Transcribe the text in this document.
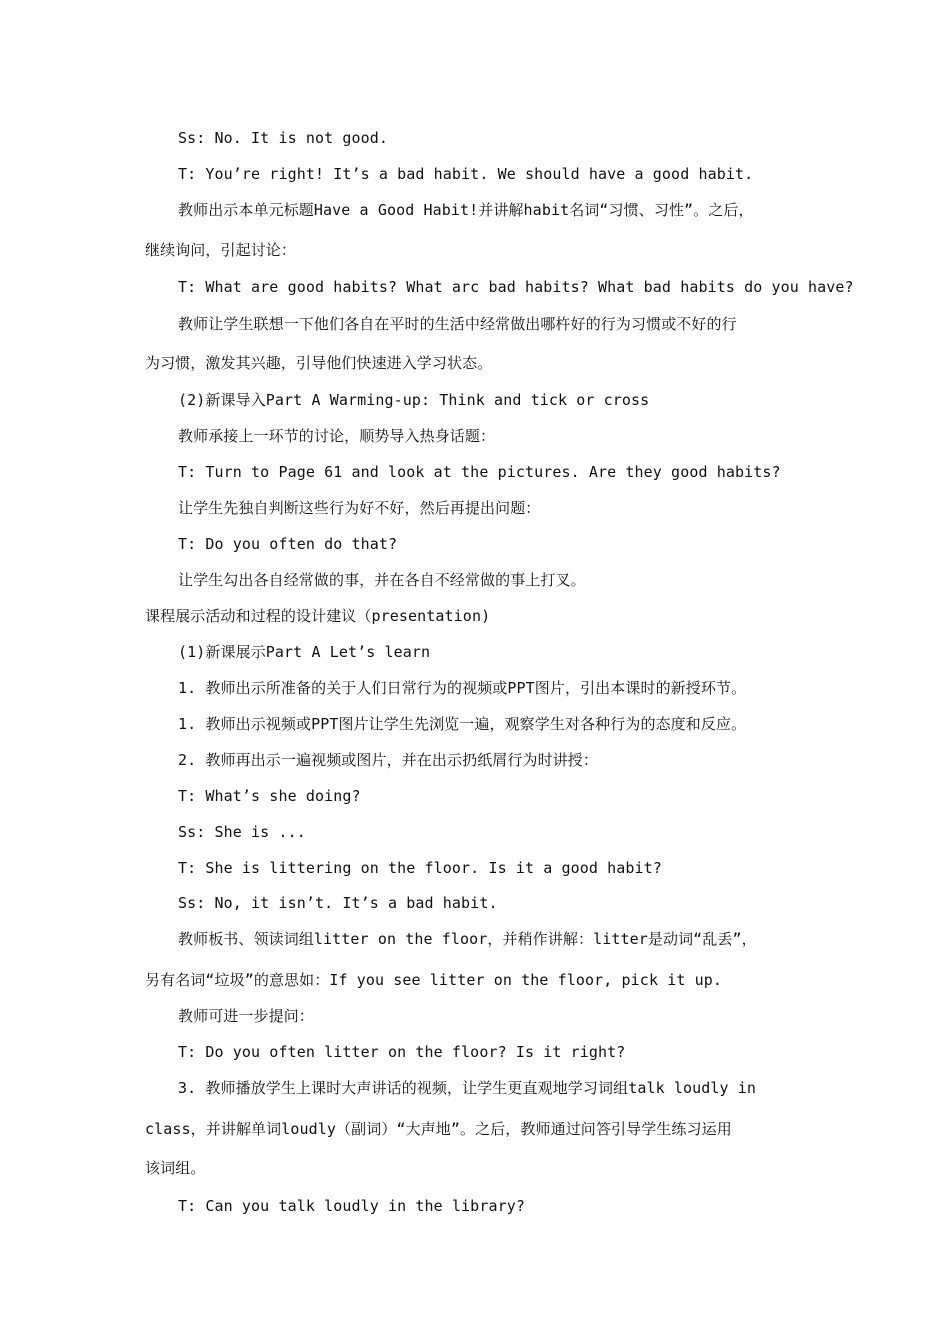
Ss: No. It is not good.
T: You’re right! It’s a bad habit. We should have a good habit.
教师出示本单元标题Have a Good Habit!并讲解habit名词“习惯、习性”。之后，
继续询问，引起讨论：
T: What are good habits? What arc bad habits? What bad habits do you have?
教师让学生联想一下他们各自在平时的生活中经常做出哪杵好的行为习惯或不好的行
为习惯，激发其兴趣，引导他们快速进入学习状态。
(2)新课导入Part A Warming-up: Think and tick or cross
教师承接上一环节的讨论，顺势导入热身话题：
T: Turn to Page 61 and look at the pictures. Are they good habits?
让学生先独自判断这些行为好不好，然后再提出问题：
T: Do you often do that?
让学生勾出各自经常做的事，并在各自不经常做的事上打叉。
课程展示活动和过程的设计建议（presentation)
(1)新课展示Part A Let’s learn
1. 教师出示所准备的关于人们日常行为的视频或PPT图片，引出本课时的新授环节。
1. 教师出示视频或PPT图片让学生先浏览一遍，观察学生对各种行为的态度和反应。
2. 教师再出示一遍视频或图片，并在出示扔纸屑行为时讲授：
T: What’s she doing?
Ss: She is ...
T: She is littering on the floor. Is it a good habit?
Ss: No, it isn’t. It’s a bad habit.
教师板书、领读词组litter on the floor，并稍作讲解：litter是动词“乱丢”，
另有名词“垃圾”的意思如：If you see litter on the floor, pick it up.
教师可进一步提问：
T: Do you often litter on the floor? Is it right?
3. 教师播放学生上课时大声讲话的视频，让学生更直观地学习词组talk loudly in
class，并讲解单词loudly（副词）“大声地”。之后，教师通过问答引导学生练习运用
该词组。
T: Can you talk loudly in the library?
